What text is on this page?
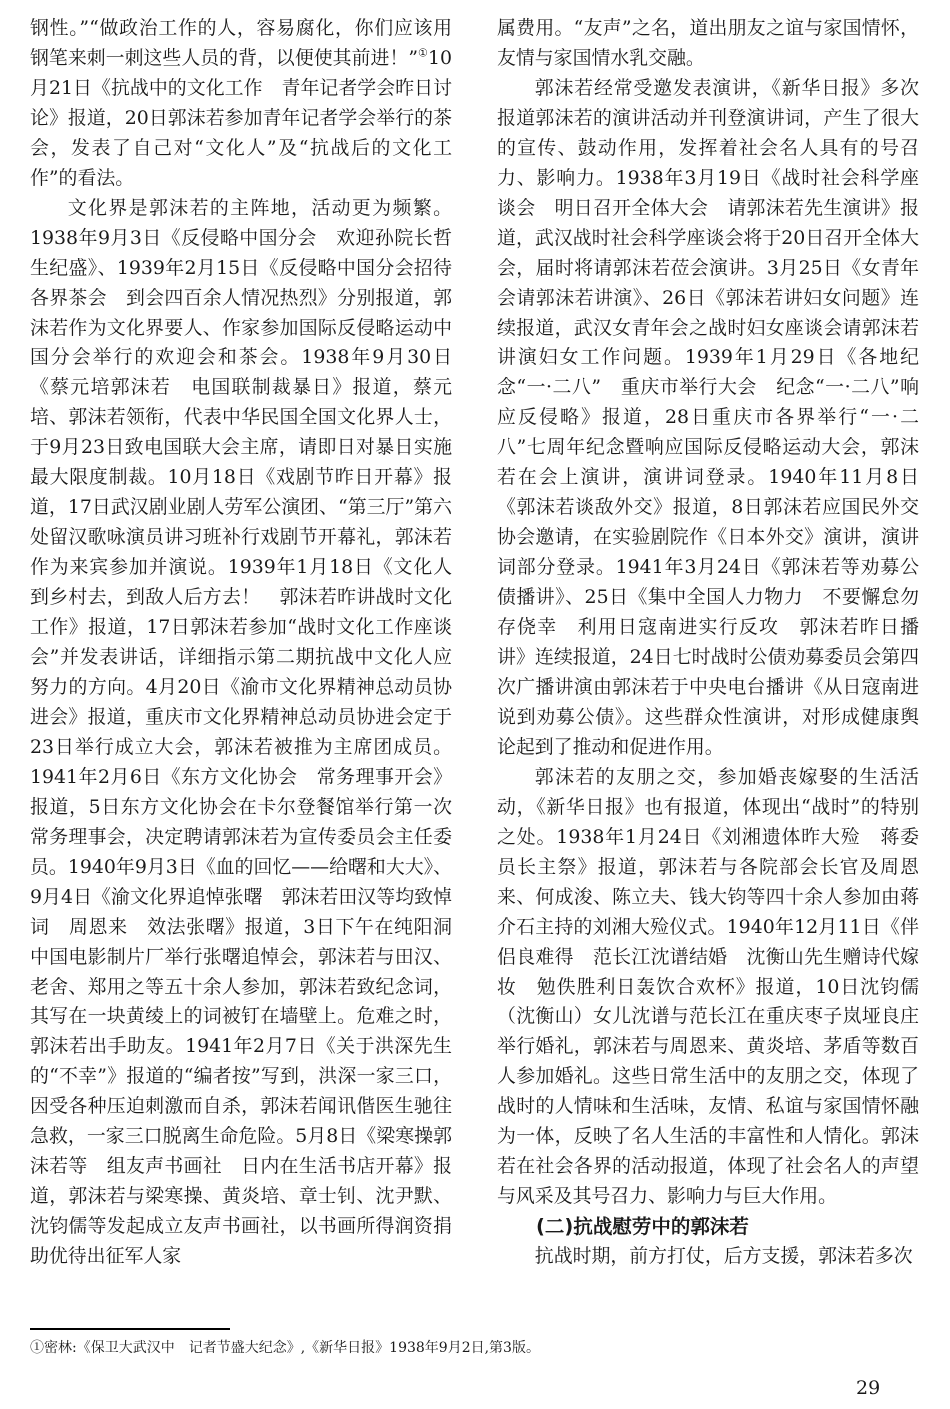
钢性。”“做政治工作的人，容易腐化，你们应该用钢笔来刺一刺这些人员的背，以便使其前进！”①10月21日《抗战中的文化工作　青年记者学会昨日讨论》报道，20日郭沫若参加青年记者学会举行的茶会，发表了自己对“文化人”及“抗战后的文化工作”的看法。

文化界是郭沫若的主阵地，活动更为频繁。1938年9月3日《反侵略中国分会　欢迎孙院长哲生纪盛》、1939年2月15日《反侵略中国分会招待各界茶会　到会四百余人情况热烈》分别报道，郭沫若作为文化界要人、作家参加国际反侵略运动中国分会举行的欢迎会和茶会。1938年9月30日《蔡元培郭沫若　电国联制裁暴日》报道，蔡元培、郭沫若领衔，代表中华民国全国文化界人士，于9月23日致电国联大会主席，请即日对暴日实施最大限度制裁。10月18日《戏剧节昨日开幕》报道，17日武汉剧业剧人劳军公演团、“第三厅”第六处留汉歌咏演员讲习班补行戏剧节开幕礼，郭沫若作为来宾参加并演说。1939年1月18日《文化人到乡村去，到敌人后方去！　郭沫若昨讲战时文化工作》报道，17日郭沫若参加“战时文化工作座谈会”并发表讲话，详细指示第二期抗战中文化人应努力的方向。4月20日《渝市文化界精神总动员协进会》报道，重庆市文化界精神总动员协进会定于23日举行成立大会，郭沫若被推为主席团成员。1941年2月6日《东方文化协会　常务理事开会》报道，5日东方文化协会在卡尔登餐馆举行第一次常务理事会，决定聘请郭沫若为宣传委员会主任委员。1940年9月3日《血的回忆——给曙和大大》、9月4日《渝文化界追悼张曙　郭沫若田汉等均致悼词　周恩来　效法张曙》报道，3日下午在纯阳洞中国电影制片厂举行张曙追悼会，郭沫若与田汉、老舍、郑用之等五十余人参加，郭沫若致纪念词，其写在一块黄绫上的词被钉在墙壁上。危难之时，郭沫若出手助友。1941年2月7日《关于洪深先生的“不幸”》报道的“编者按”写到，洪深一家三口，因受各种压迫刺激而自杀，郭沫若闻讯偕医生驰往急救，一家三口脱离生命危险。5月8日《梁寒操郭沫若等　组友声书画社　日内在生活书店开幕》报道，郭沫若与梁寒操、黄炎培、章士钊、沈尹默、沈钧儒等发起成立友声书画社，以书画所得润资捐助优待出征军人家

属费用。“友声”之名，道出朋友之谊与家国情怀，友情与家国情水乳交融。

郭沫若经常受邀发表演讲，《新华日报》多次报道郭沫若的演讲活动并刊登演讲词，产生了很大的宣传、鼓动作用，发挥着社会名人具有的号召力、影响力。1938年3月19日《战时社会科学座谈会　明日召开全体大会　请郭沫若先生演讲》报道，武汉战时社会科学座谈会将于20日召开全体大会，届时将请郭沫若莅会演讲。3月25日《女青年会请郭沫若讲演》、26日《郭沫若讲妇女问题》连续报道，武汉女青年会之战时妇女座谈会请郭沫若讲演妇女工作问题。1939年1月29日《各地纪念“一·二八”　重庆市举行大会　纪念“一·二八”响应反侵略》报道，28日重庆市各界举行“一·二八”七周年纪念暨响应国际反侵略运动大会，郭沫若在会上演讲，演讲词登录。1940年11月8日《郭沫若谈敌外交》报道，8日郭沫若应国民外交协会邀请，在实验剧院作《日本外交》演讲，演讲词部分登录。1941年3月24日《郭沫若等劝募公债播讲》、25日《集中全国人力物力　不要懈怠勿存侥幸　利用日寇南进实行反攻　郭沫若昨日播讲》连续报道，24日七时战时公债劝募委员会第四次广播讲演由郭沫若于中央电台播讲《从日寇南进说到劝募公债》。这些群众性演讲，对形成健康舆论起到了推动和促进作用。

郭沫若的友朋之交，参加婚丧嫁娶的生活活动，《新华日报》也有报道，体现出“战时”的特别之处。1938年1月24日《刘湘遗体昨大殓　蒋委员长主祭》报道，郭沫若与各院部会长官及周恩来、何成浚、陈立夫、钱大钧等四十余人参加由蒋介石主持的刘湘大殓仪式。1940年12月11日《伴侣良难得　范长江沈谱结婚　沈衡山先生赠诗代嫁妆　勉佚胜利日轰饮合欢杯》报道，10日沈钧儒（沈衡山）女儿沈谱与范长江在重庆枣子岚垭良庄举行婚礼，郭沫若与周恩来、黄炎培、茅盾等数百人参加婚礼。这些日常生活中的友朋之交，体现了战时的人情味和生活味，友情、私谊与家国情怀融为一体，反映了名人生活的丰富性和人情化。郭沫若在社会各界的活动报道，体现了社会名人的声望与风采及其号召力、影响力与巨大作用。

(二)抗战慰劳中的郭沫若

抗战时期，前方打仗，后方支援，郭沫若多次

①密林:《保卫大武汉中　记者节盛大纪念》,《新华日报》1938年9月2日,第3版。
29
